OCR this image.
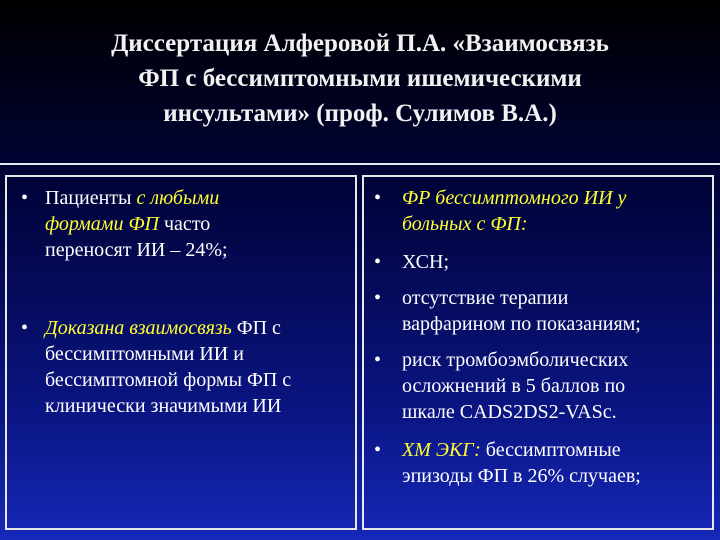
Диссертация Алферовой П.А. «Взаимосвязь
ФП с бессимптомными ишемическими
инсультами» (проф. Сулимов В.А.)
• Пациенты с любыми
формами ФП часто
переносят ИИ – 24%;
• Доказана взаимосвязь ФП с
бессимптомными ИИ и
бессимптомной формы ФП с
клинически значимыми ИИ
•	ФР бессимптомного ИИ у
больных с ФП:
•	ХСН;
•	отсутствие терапии
варфарином по показаниям;
•	риск тромбоэмболических
осложнений в 5 баллов по
шкале CADS2DS2-VASc.
•	ХМ ЭКГ: бессимптомные
эпизоды ФП в 26% случаев;
